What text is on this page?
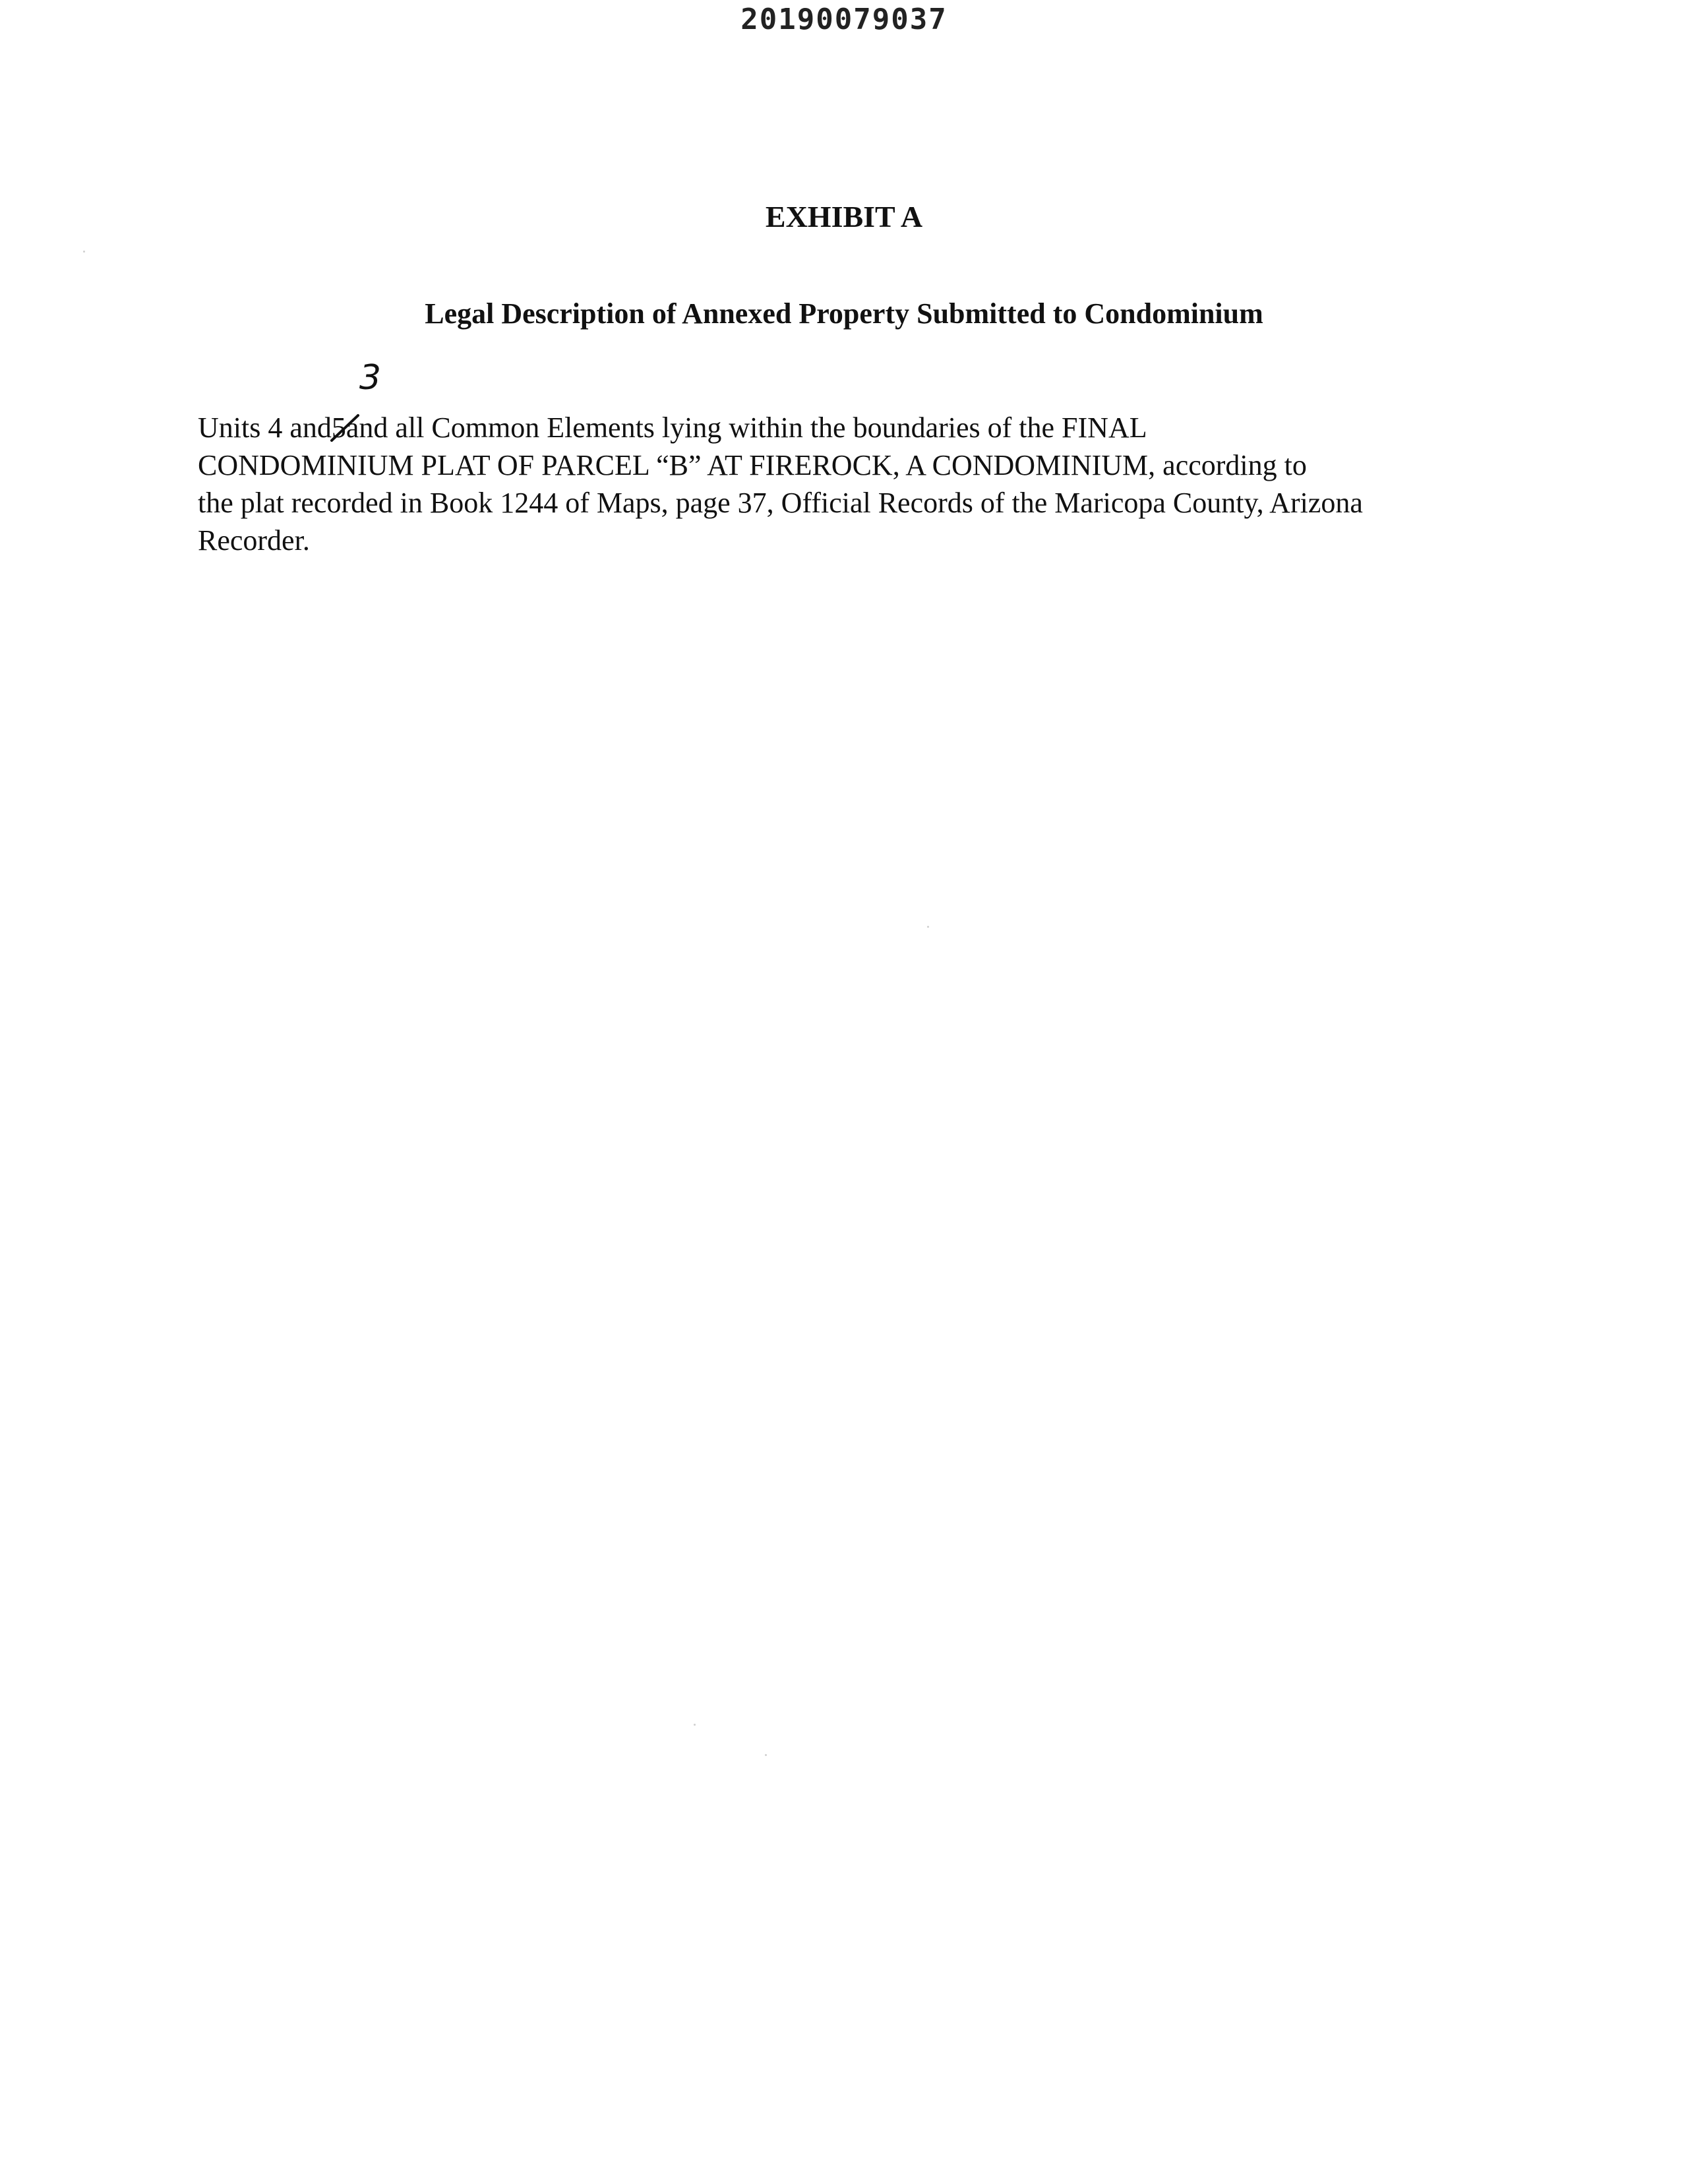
20190079037
EXHIBIT A
Legal Description of Annexed Property Submitted to Condominium
Units 4 and5
3
and all Common Elements lying within the boundaries of the FINAL
CONDOMINIUM PLAT OF PARCEL “B” AT FIREROCK, A CONDOMINIUM, according to
the plat recorded in Book 1244 of Maps, page 37, Official Records of the Maricopa County, Arizona
Recorder.
